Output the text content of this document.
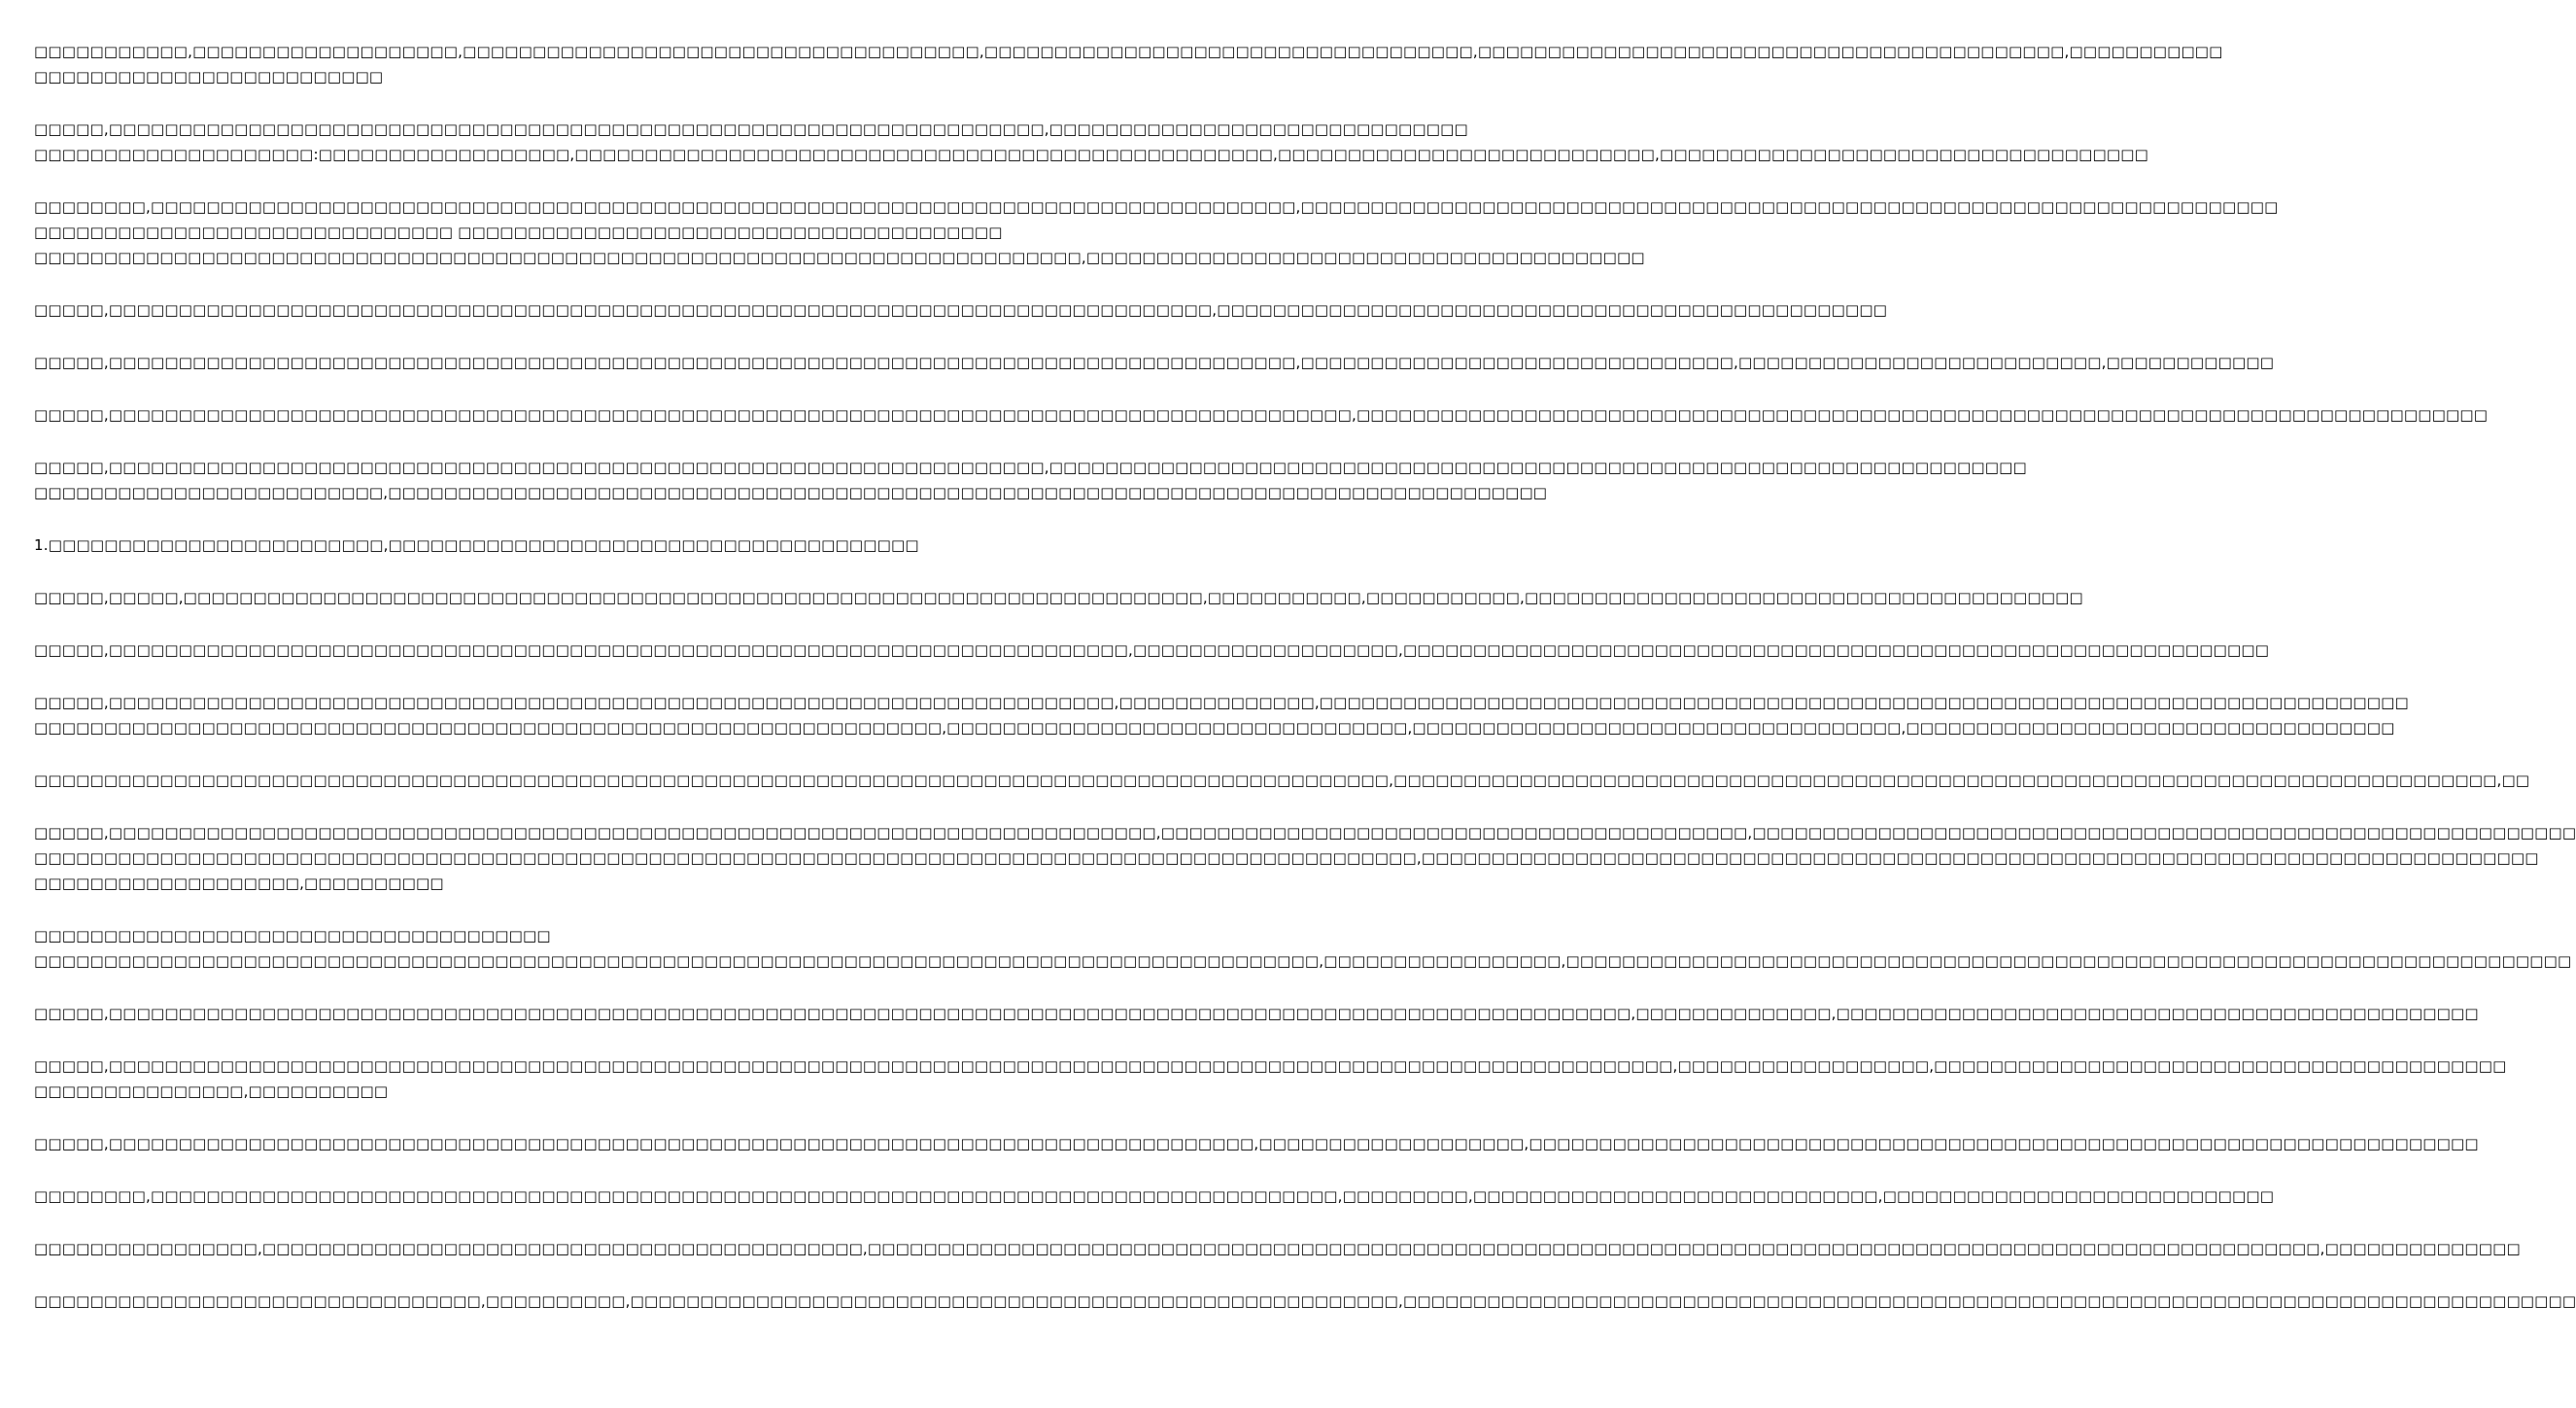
□□□□□□□□□□□,□□□□□□□□□□□□□□□□□□□,□□□□□□□□□□□□□□□□□□□□□□□□□□□□□□□□□□□□□,□□□□□□□□□□□□□□□□□□□□□□□□□□□□□□□□□□□,□□□□□□□□□□□□□□□□□□□□□□□□□□□□□□□□□□□□□□□□□□,□□□□□□□□□□□
□□□□□□□□□□□□□□□□□□□□□□□□□
□□□□□,□□□□□□□□□□□□□□□□□□□□□□□□□□□□□□□□□□□□□□□□□□□□□□□□□□□□□□□□□□□□□□□□□□□,□□□□□□□□□□□□□□□□□□□□□□□□□□□□□□
□□□□□□□□□□□□□□□□□□□□:□□□□□□□□□□□□□□□□□□,□□□□□□□□□□□□□□□□□□□□□□□□□□□□□□□□□□□□□□□□□□□□□□□□□□,□□□□□□□□□□□□□□□□□□□□□□□□□□□,□□□□□□□□□□□□□□□□□□□□□□□□□□□□□□□□□□□
□□□□□□□□,□□□□□□□□□□□□□□□□□□□□□□□□□□□□□□□□□□□□□□□□□□□□□□□□□□□□□□□□□□□□□□□□□□□□□□□□□□□□□□□□□□,□□□□□□□□□□□□□□□□□□□□□□□□□□□□□□□□□□□□□□□□□□□□□□□□□□□□□□□□□□□□□□□□□□□□□□
□□□□□□□□□□□□□□□□□□□□□□□□□□□□□□ □□□□□□□□□□□□□□□□□□□□□□□□□□□□□□□□□□□□□□□
□□□□□□□□□□□□□□□□□□□□□□□□□□□□□□□□□□□□□□□□□□□□□□□□□□□□□□□□□□□□□□□□□□□□□□□□□□□,□□□□□□□□□□□□□□□□□□□□□□□□□□□□□□□□□□□□□□□□
□□□□□,□□□□□□□□□□□□□□□□□□□□□□□□□□□□□□□□□□□□□□□□□□□□□□□□□□□□□□□□□□□□□□□□□□□□□□□□□□□□□□□,□□□□□□□□□□□□□□□□□□□□□□□□□□□□□□□□□□□□□□□□□□□□□□□□
□□□□□,□□□□□□□□□□□□□□□□□□□□□□□□□□□□□□□□□□□□□□□□□□□□□□□□□□□□□□□□□□□□□□□□□□□□□□□□□□□□□□□□□□□□□,□□□□□□□□□□□□□□□□□□□□□□□□□□□□□□□,□□□□□□□□□□□□□□□□□□□□□□□□□□,□□□□□□□□□□□□
□□□□□,□□□□□□□□□□□□□□□□□□□□□□□□□□□□□□□□□□□□□□□□□□□□□□□□□□□□□□□□□□□□□□□□□□□□□□□□□□□□□□□□□□□□□□□□□,□□□□□□□□□□□□□□□□□□□□□□□□□□□□□□□□□□□□□□□□□□□□□□□□□□□□□□□□□□□□□□□□□□□□□□□□□□□□□□□□□
□□□□□,□□□□□□□□□□□□□□□□□□□□□□□□□□□□□□□□□□□□□□□□□□□□□□□□□□□□□□□□□□□□□□□□□□□,□□□□□□□□□□□□□□□□□□□□□□□□□□□□□□□□□□□□□□□□□□□□□□□□□□□□□□□□□□□□□□□□□□□□□□
□□□□□□□□□□□□□□□□□□□□□□□□□,□□□□□□□□□□□□□□□□□□□□□□□□□□□□□□□□□□□□□□□□□□□□□□□□□□□□□□□□□□□□□□□□□□□□□□□□□□□□□□□□□□□
1.□□□□□□□□□□□□□□□□□□□□□□□□,□□□□□□□□□□□□□□□□□□□□□□□□□□□□□□□□□□□□□□
□□□□□,□□□□□,□□□□□□□□□□□□□□□□□□□□□□□□□□□□□□□□□□□□□□□□□□□□□□□□□□□□□□□□□□□□□□□□□□□□□□□□□,□□□□□□□□□□□,□□□□□□□□□□□,□□□□□□□□□□□□□□□□□□□□□□□□□□□□□□□□□□□□□□□□
□□□□□,□□□□□□□□□□□□□□□□□□□□□□□□□□□□□□□□□□□□□□□□□□□□□□□□□□□□□□□□□□□□□□□□□□□□□□□□□,□□□□□□□□□□□□□□□□□□□,□□□□□□□□□□□□□□□□□□□□□□□□□□□□□□□□□□□□□□□□□□□□□□□□□□□□□□□□□□□□□□
□□□□□,□□□□□□□□□□□□□□□□□□□□□□□□□□□□□□□□□□□□□□□□□□□□□□□□□□□□□□□□□□□□□□□□□□□□□□□□,□□□□□□□□□□□□□□,□□□□□□□□□□□□□□□□□□□□□□□□□□□□□□□□□□□□□□□□□□□□□□□□□□□□□□□□□□□□□□□□□□□□□□□□□□□□□□
□□□□□□□□□□□□□□□□□□□□□□□□□□□□□□□□□□□□□□□□□□□□□□□□□□□□□□□□□□□□□□□□□,□□□□□□□□□□□□□□□□□□□□□□□□□□□□□□□□□,□□□□□□□□□□□□□□□□□□□□□□□□□□□□□□□□□□□,□□□□□□□□□□□□□□□□□□□□□□□□□□□□□□□□□□□
□□□□□□□□□□□□□□□□□□□□□□□□□□□□□□□□□□□□□□□□□□□□□□□□□□□□□□□□□□□□□□□□□□□□□□□□□□□□□□□□□□□□□□□□□□□□□□□□□,□□□□□□□□□□□□□□□□□□□□□□□□□□□□□□□□□□□□□□□□□□□□□□□□□□□□□□□□□□□□□□□□□□□□□□□□□□□□□□□,□□
□□□□□,□□□□□□□□□□□□□□□□□□□□□□□□□□□□□□□□□□□□□□□□□□□□□□□□□□□□□□□□□□□□□□□□□□□□□□□□□□□,□□□□□□□□□□□□□□□□□□□□□□□□□□□□□□□□□□□□□□□□□□,□□□□□□□□□□□□□□□□□□□□□□□□□□□□□□□□□□□□□□□□□□□□□□□□□□□□□□□□□□□
□□□□□□□□□□□□□□□□□□□□□□□□□□□□□□□□□□□□□□□□□□□□□□□□□□□□□□□□□□□□□□□□□□□□□□□□□□□□□□□□□□□□□□□□□□□□□□□□□□□,□□□□□□□□□□□□□□□□□□□□□□□□□□□□□□□□□□□□□□□□□□□□□□□□□□□□□□□□□□□□□□□□□□□□□□□□□□□□□□□□
□□□□□□□□□□□□□□□□□□□,□□□□□□□□□□
□□□□□□□□□□□□□□□□□□□□□□□□□□□□□□□□□□□□□
□□□□□□□□□□□□□□□□□□□□□□□□□□□□□□□□□□□□□□□□□□□□□□□□□□□□□□□□□□□□□□□□□□□□□□□□□□□□□□□□□□□□□□□□□□□□,□□□□□□□□□□□□□□□□□,□□□□□□□□□□□□□□□□□□□□□□□□□□□□□□□□□□□□□□□□□□□□□□□□□□□□□□□□□□□□□□□□□□□□□□□□
□□□□□,□□□□□□□□□□□□□□□□□□□□□□□□□□□□□□□□□□□□□□□□□□□□□□□□□□□□□□□□□□□□□□□□□□□□□□□□□□□□□□□□□□□□□□□□□□□□□□□□□□□□□□□□□□□□□,□□□□□□□□□□□□□□,□□□□□□□□□□□□□□□□□□□□□□□□□□□□□□□□□□□□□□□□□□□□□□
□□□□□,□□□□□□□□□□□□□□□□□□□□□□□□□□□□□□□□□□□□□□□□□□□□□□□□□□□□□□□□□□□□□□□□□□□□□□□□□□□□□□□□□□□□□□□□□□□□□□□□□□□□□□□□□□□□□□□□,□□□□□□□□□□□□□□□□□□,□□□□□□□□□□□□□□□□□□□□□□□□□□□□□□□□□□□□□□□□□
□□□□□□□□□□□□□□□,□□□□□□□□□□
□□□□□,□□□□□□□□□□□□□□□□□□□□□□□□□□□□□□□□□□□□□□□□□□□□□□□□□□□□□□□□□□□□□□□□□□□□□□□□□□□□□□□□□□,□□□□□□□□□□□□□□□□□□□,□□□□□□□□□□□□□□□□□□□□□□□□□□□□□□□□□□□□□□□□□□□□□□□□□□□□□□□□□□□□□□□□□□□□
□□□□□□□□,□□□□□□□□□□□□□□□□□□□□□□□□□□□□□□□□□□□□□□□□□□□□□□□□□□□□□□□□□□□□□□□□□□□□□□□□□□□□□□□□□□□□□,□□□□□□□□□,□□□□□□□□□□□□□□□□□□□□□□□□□□□□□,□□□□□□□□□□□□□□□□□□□□□□□□□□□□
□□□□□□□□□□□□□□□□,□□□□□□□□□□□□□□□□□□□□□□□□□□□□□□□□□□□□□□□□□□□,□□□□□□□□□□□□□□□□□□□□□□□□□□□□□□□□□□□□□□□□□□□□□□□□□□□□□□□□□□□□□□□□□□□□□□□□□□□□□□□□□□□□□□□□□□□□□□□□□□□□□□□□,□□□□□□□□□□□□□□
□□□□□□□□□□□□□□□□□□□□□□□□□□□□□□□□,□□□□□□□□□□,□□□□□□□□□□□□□□□□□□□□□□□□□□□□□□□□□□□□□□□□□□□□□□□□□□□□□□□,□□□□□□□□□□□□□□□□□□□□□□□□□□□□□□□□□□□□□□□□□□□□□□□□□□□□□□□□□□□□□□□□□□□□□□□□□□□□□□□□□□□□
